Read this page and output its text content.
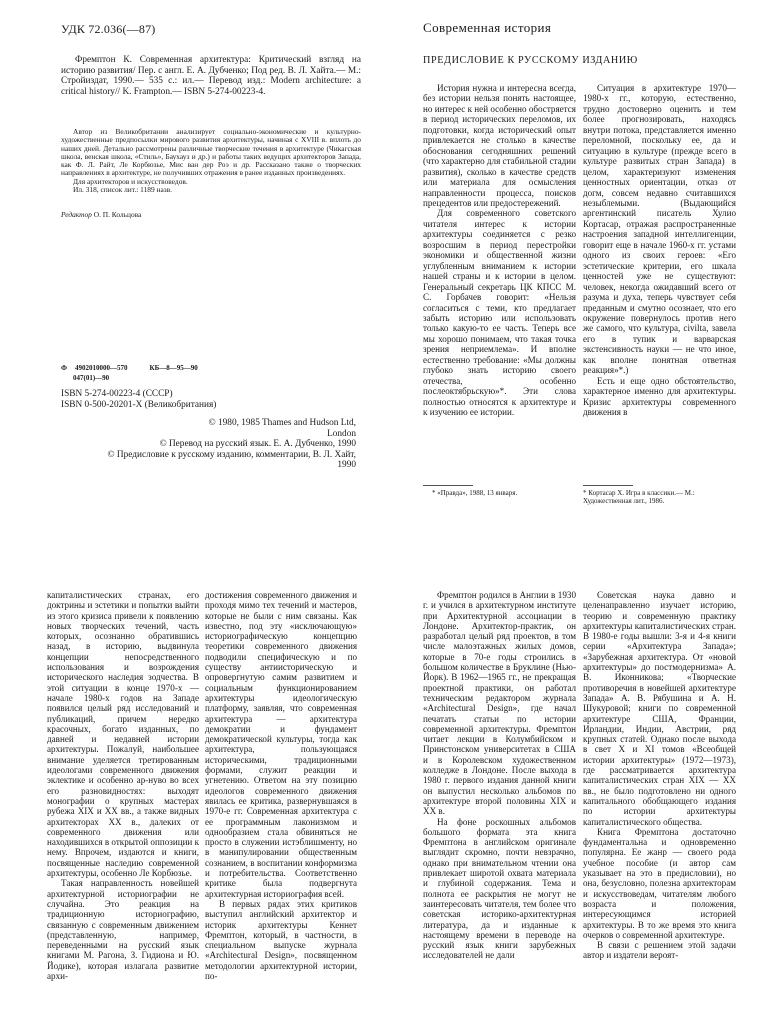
УДК 72.036(—87)
Фремптон К. Современная архитектура: Критический взгляд на историю развития/ Пер. с англ. Е. А. Дубченко; Под ред. В. Л. Хайта.— М.: Стройиздат, 1990.— 535 с.: ил.— Перевод изд.: Modern architecture: a critical history// K. Frampton.— ISBN 5-274-00223-4.

Автор из Великобритании анализирует социально-экономические и культурно-художественные предпосылки мирового развития архитектуры, начиная с XVIII в. вплоть до наших дней. Детально рассмотрены различные творческие течения в архитектуре (Чикагская школа, венская школа, «Стиль», Баухауз и др.) и работы таких ведущих архитекторов Запада, как Ф. Л. Райт, Ле Корбюзье, Мис ван дер Роэ и др. Рассказано также о творческих направлениях в архитектуре, не получивших отражения в ранее изданных произведениях.

Для архитекторов и искусствоведов.

Ил. 318, список лит.: 1189 назв.

Редактор О. П. Кольцова
Ф 4902010000—570	КБ—8—95—90
047(01)—90
ISBN 5-274-00223-4 (СССР)
ISBN 0-500-20201-X (Великобритания)
© 1980, 1985 Thames and Hudson Ltd, London
© Перевод на русский язык. Е. А. Дубченко, 1990
© Предисловие к русскому изданию, комментарии, В. Л. Хайт, 1990
Современная история
ПРЕДИСЛОВИЕ К РУССКОМУ ИЗДАНИЮ

История нужна и интересна всегда, без истории нельзя понять настоящее, но интерес к ней особенно обостряется в период исторических переломов, их подготовки, когда исторический опыт привлекается не столько в качестве обоснования сегодняшних решений (что характерно для стабильной стадии развития), сколько в качестве средств или материала для осмысления направленности процесса, поисков прецедентов или предостережений.

Для современного советского читателя интерес к истории архитектуры соединяется с резко возросшим в период перестройки экономики и общественной жизни углубленным вниманием к истории нашей страны и к истории в целом. Генеральный секретарь ЦК КПСС М. С. Горбачев говорит: «Нельзя согласиться с теми, кто предлагает забыть историю или использовать только какую-то ее часть. Теперь все мы хорошо понимаем, что такая точка зрения неприемлема». И вполне естественно требование: «Мы должны глубоко знать историю своего отечества, особенно послеоктябрьскую»*. Эти слова полностью относятся к архитектуре и к изучению ее истории.

* «Правда», 1988, 13 января.

Ситуация в архитектуре 1970—1980-х гг., которую, естественно, трудно достоверно оценить и тем более прогнозировать, находясь внутри потока, представляется именно переломной, поскольку ее, да и ситуацию в культуре (прежде всего в культуре развитых стран Запада) в целом, характеризуют изменения ценностных ориентации, отказ от догм, совсем недавно считавшихся незыблемыми. (Выдающийся аргентинский писатель Хулио Кортасар, отражая распространенные настроения западной интеллигенции, говорит еще в начале 1960-х гг. устами одного из своих героев: «Его эстетические критерии, его шкала ценностей уже не существуют: человек, некогда ожидавший всего от разума и духа, теперь чувствует себя преданным и смутно осознает, что его окружение повернулось против него же самого, что культура, civilta, завела его в тупик и варварская экстенсивность науки — не что иное, как вполне понятная ответная реакция»*.)

Есть и еще одно обстоятельство, характерное именно для архитектуры. Кризис архитектуры современного движения в

* Кортасар Х. Игра в классики.— М.: Художественная лит., 1986.

капиталистических странах, его доктрины и эстетики и попытки выйти из этого кризиса привели к появлению новых творческих течений, часть которых, осознанно обратившись назад, в историю, выдвинула концепции непосредственного использования и возрождения исторического наследия зодчества. В этой ситуации в конце 1970-х — начале 1980-х годов на Западе появился целый ряд исследований и публикаций, причем нередко красочных, богато изданных, по давней и недавней истории архитектуры. Пожалуй, наибольшее внимание уделяется третированным идеологами современного движения эклектике и особенно ар-нуво во всех его разновидностях: выходят монографии о крупных мастерах рубежа XIX и XX вв., а также видных архитекторах XX в., далеких от современного движения или находившихся в открытой оппозиции к нему. Впрочем, издаются и книги, посвященные наследию современной архитектуры, особенно Ле Корбюзье.

Такая направленность новейшей архитектурной историографии не случайна. Это реакция на традиционную историографию, связанную с современным движением (представленную, например, переведенными на русский язык книгами М. Рагона, З. Гидиона и Ю. Йодике), которая излагала развитие архи-

достижения современного движения и проходя мимо тех течений и мастеров, которые не были с ним связаны. Как известно, под эту «исключающую» историографическую концепцию теоретики современного движения подводили специфическую и по существу антиисторическую и опровергнутую самим развитием и социальным функционированием архитектуры идеологическую платформу, заявляя, что современная архитектура — архитектура демократии и фундамент демократической культуры, тогда как архитектура, пользующаяся историческими, традиционными формами, служит реакции и угнетению. Ответом на эту позицию идеологов современного движения явилась ее критика, развернувшаяся в 1970-е гг. Современная архитектура с ее программным лаконизмом и однообразием стала обвиняться не просто в служении истэблишменту, но в манипулировании общественным сознанием, в воспитании конформизма и потребительства. Соответственно критике была подвергнута архитектурная историография всей.

В первых рядах этих критиков выступил английский архитектор и историк архитектуры Кеннет Фремптон, который, в частности, в специальном выпуске журнала «Architectural Design», посвященном методологии архитектурной истории, по-

Фремптон родился в Англии в 1930 г. и учился в архитектурном институте при Архитектурной ассоциации в Лондоне. Архитектор-практик, он разработал целый ряд проектов, в том числе малоэтажных жилых домов, которые в 70-е годы строились в большом количестве в Бруклине (Нью-Йорк). В 1962—1965 гг., не прекращая проектной практики, он работал техническим редактором журнала «Architectural Design», где начал печатать статьи по истории современной архитектуры. Фремптон читает лекции в Колумбийском и Принстонском университетах в США и в Королевском художественном колледже в Лондоне. После выхода в 1980 г. первого издания данной книги он выпустил несколько альбомов по архитектуре второй половины XIX и XX в.

На фоне роскошных альбомов большого формата эта книга Фремптона в английском оригинале выглядит скромно, почти невзрачно, однако при внимательном чтении она привлекает широтой охвата материала и глубиной содержания. Тема и полнота ее раскрытия не могут не заинтересовать читателя, тем более что советская историко-архитектурная литература, да и изданные к настоящему времени в переводе на русский язык книги зарубежных исследователей не дали

Советская наука давно и целенаправленно изучает историю, теорию и современную практику архитектуры капиталистических стран. В 1980-е годы вышли: 3-я и 4-я книги серии «Архитектура Запада»; «Зарубежная архитектура. От «новой архитектуры» до постмодернизма» А. В. Иконникова; «Творческие противоречия в новейшей архитектуре Запада» А. В. Рябушина и А. Н. Шукуровой; книги по современной архитектуре США, Франции, Ирландии, Индии, Австрии, ряд крупных статей. Однако после выхода в свет Х и XI томов «Всеобщей истории архитектуры» (1972—1973), где рассматривается архитектура капиталистических стран XIX — XX вв., не было подготовлено ни одного капитального обобщающего издания по истории архитектуры капиталистического общества.

Книга Фремптона достаточно фундаментальна и одновременно популярна. Ее жанр — своего рода учебное пособие (и автор сам указывает на это в предисловии), но она, безусловно, полезна архитекторам и искусствоведам, читателям любого возраста и положения, интересующимся историей архитектуры. В то же время это книга очерков о современной архитектуре.

В связи с решением этой задачи автор и издатели вероят-
